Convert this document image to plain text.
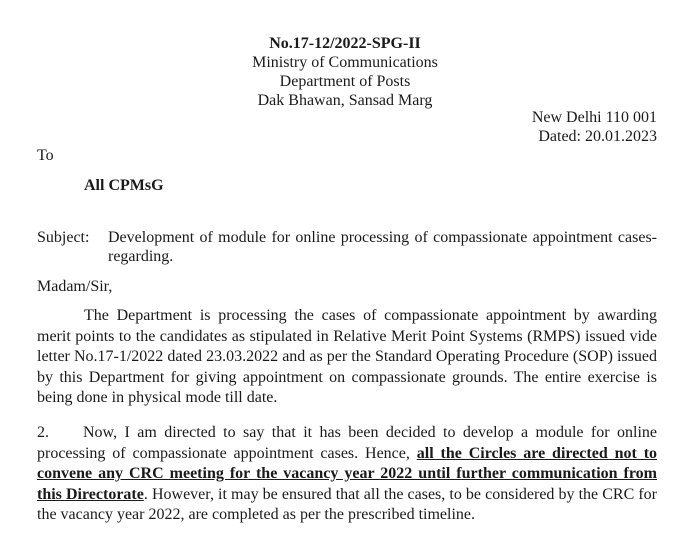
No.17-12/2022-SPG-II
Ministry of Communications
Department of Posts
Dak Bhawan, Sansad Marg
New Delhi 110 001
Dated: 20.01.2023
To
All CPMsG
Subject: Development of module for online processing of compassionate appointment cases-regarding.
Madam/Sir,
The Department is processing the cases of compassionate appointment by awarding merit points to the candidates as stipulated in Relative Merit Point Systems (RMPS) issued vide letter No.17-1/2022 dated 23.03.2022 and as per the Standard Operating Procedure (SOP) issued by this Department for giving appointment on compassionate grounds. The entire exercise is being done in physical mode till date.
2. Now, I am directed to say that it has been decided to develop a module for online processing of compassionate appointment cases. Hence, all the Circles are directed not to convene any CRC meeting for the vacancy year 2022 until further communication from this Directorate. However, it may be ensured that all the cases, to be considered by the CRC for the vacancy year 2022, are completed as per the prescribed timeline.
